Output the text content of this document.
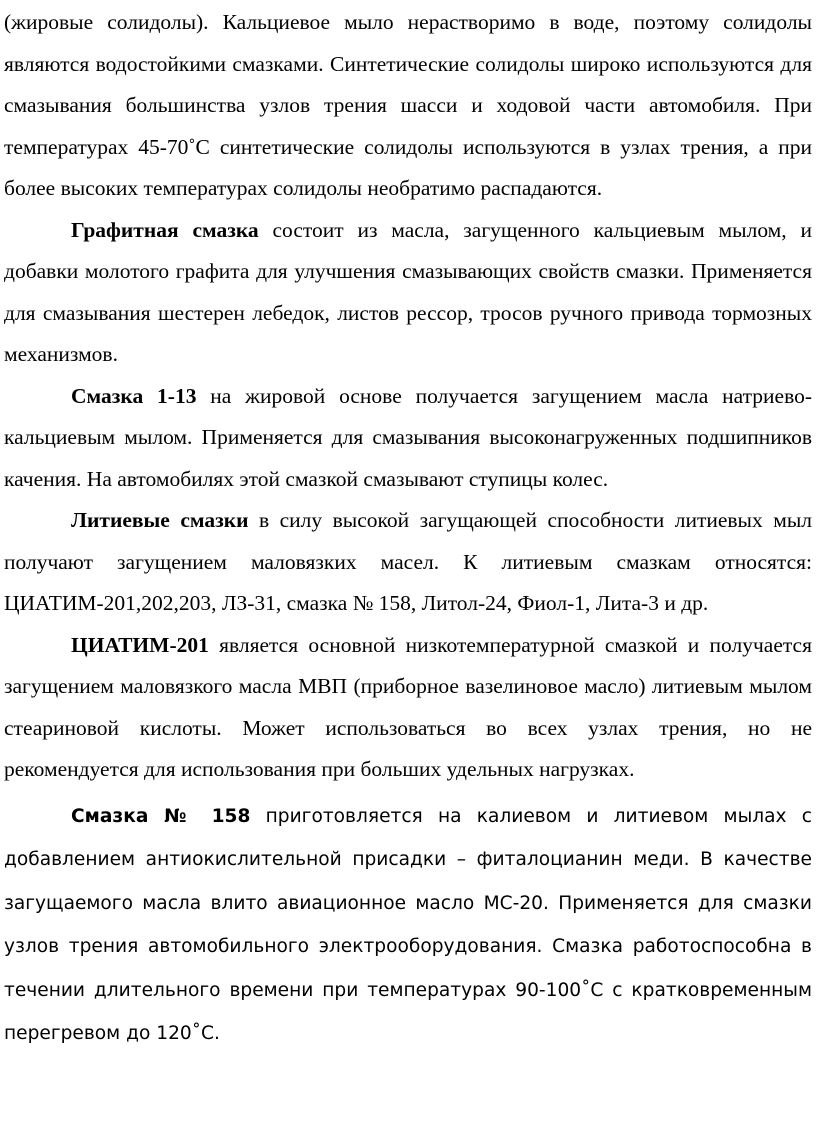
(жировые солидолы). Кальциевое мыло нерастворимо в воде, поэтому солидолы являются водостойкими смазками. Синтетические солидолы широко используются для смазывания большинства узлов трения шасси и ходовой части автомобиля. При температурах 45-70˚С синтетические солидолы используются в узлах трения, а при более высоких температурах солидолы необратимо распадаются.

Графитная смазка состоит из масла, загущенного кальциевым мылом, и добавки молотого графита для улучшения смазывающих свойств смазки. Применяется для смазывания шестерен лебедок, листов рессор, тросов ручного привода тормозных механизмов.

Смазка 1-13 на жировой основе получается загущением масла натриево-кальциевым мылом. Применяется для смазывания высоконагруженных подшипников качения. На автомобилях этой смазкой смазывают ступицы колес.

Литиевые смазки в силу высокой загущающей способности литиевых мыл получают загущением маловязких масел. К литиевым смазкам относятся: ЦИАТИМ-201,202,203, ЛЗ-31, смазка № 158, Литол-24, Фиол-1, Лита-3 и др.

ЦИАТИМ-201 является основной низкотемпературной смазкой и получается загущением маловязкого масла МВП (приборное вазелиновое масло) литиевым мылом стеариновой кислоты. Может использоваться во всех узлах трения, но не рекомендуется для использования при больших удельных нагрузках.

Смазка № 158 приготовляется на калиевом и литиевом мылах с добавлением антиокислительной присадки – фиталоцианин меди. В качестве загущаемого масла влито авиационное масло МС-20. Применяется для смазки узлов трения автомобильного электрооборудования. Смазка работоспособна в течении длительного времени при температурах 90-100˚С с кратковременным перегревом до 120˚С.
